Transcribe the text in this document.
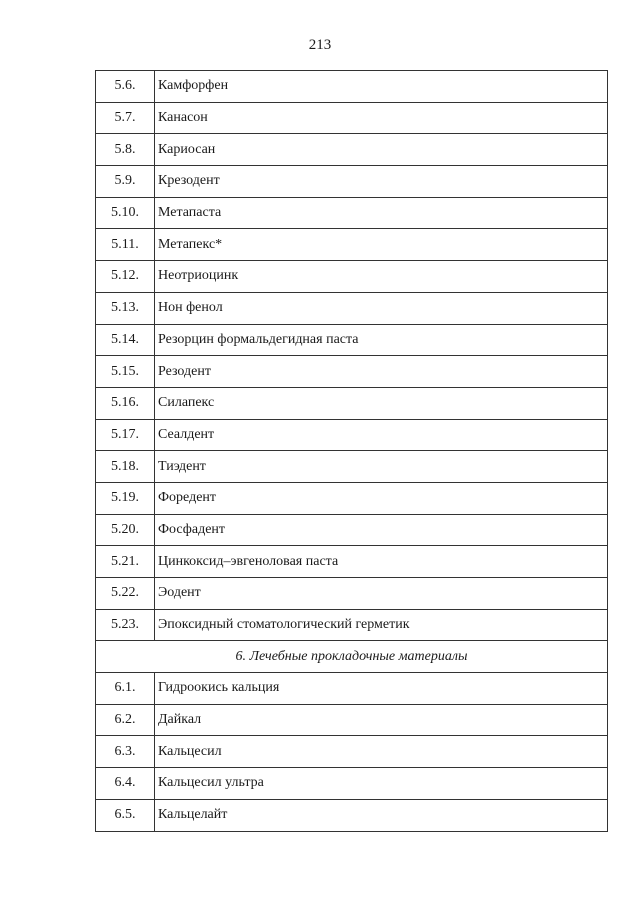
213
5.6.	Камфорфен
5.7.	Канасон
5.8.	Кариосан
5.9.	Крезодент
5.10.	Метапаста
5.11.	Метапекс*
5.12.	Неотриоцинк
5.13.	Нон фенол
5.14.	Резорцин формальдегидная паста
5.15.	Резодент
5.16.	Силапекс
5.17.	Сеалдент
5.18.	Тиэдент
5.19.	Форедент
5.20.	Фосфадент
5.21.	Цинкоксид–эвгеноловая паста
5.22.	Эодент
5.23.	Эпоксидный стоматологический герметик
6. Лечебные прокладочные материалы	
6.1.	Гидроокись кальция
6.2.	Дайкал
6.3.	Кальцесил
6.4.	Кальцесил ультра
6.5.	Кальцелайт
